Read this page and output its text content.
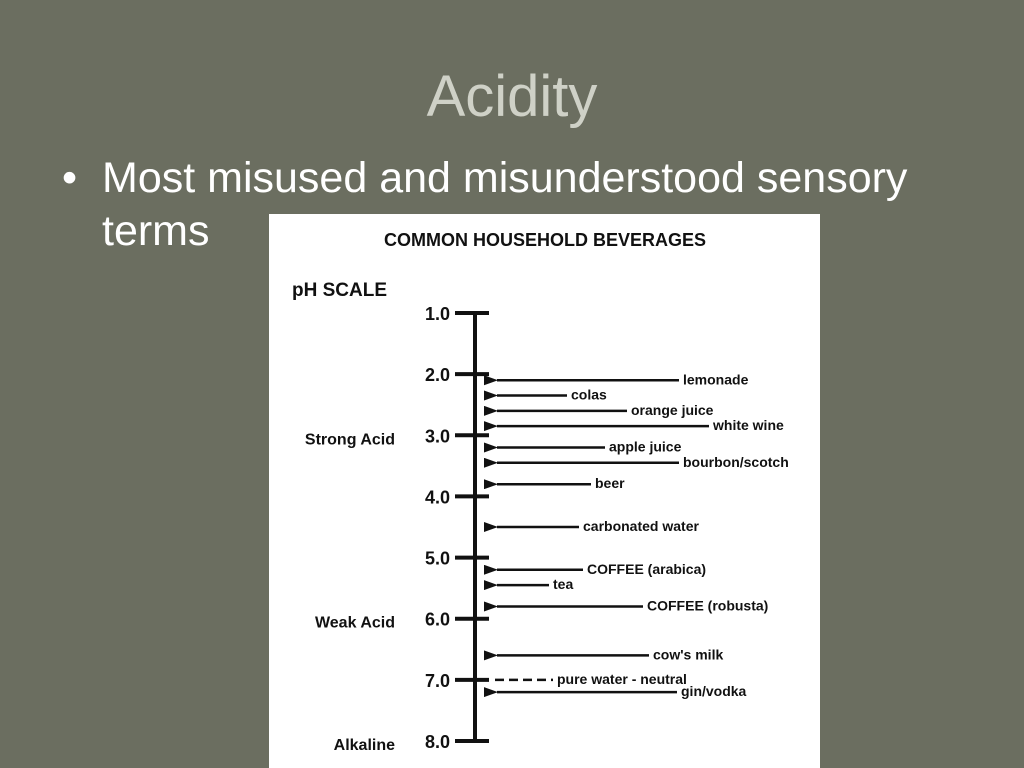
Acidity
• Most misused and misunderstood sensory terms	COMMON HOUSEHOLD BEVERAGES
pH SCALE
1.0
2.0
3.0
4.0
5.0
6.0
7.0
8.0
Strong Acid
Weak Acid
Alkaline
lemonade
colas
orange juice
white wine
apple juice
bourbon/scotch
beer
carbonated water
COFFEE (arabica)
tea
COFFEE (robusta)
cow's milk
pure water - neutral
gin/vodka
